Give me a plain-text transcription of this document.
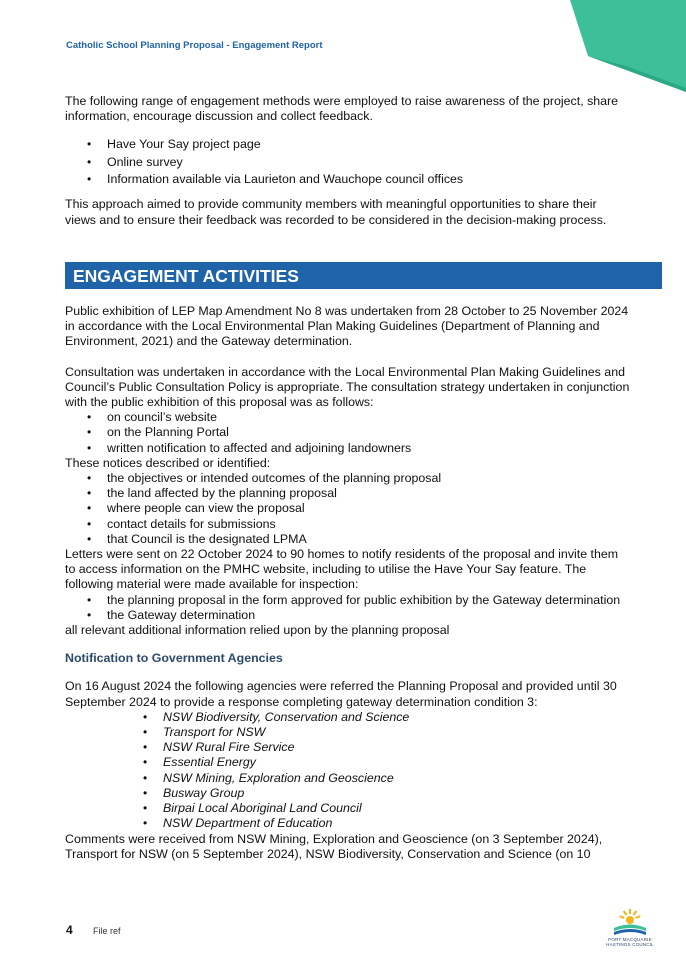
Catholic School Planning Proposal - Engagement Report

The following range of engagement methods were employed to raise awareness of the project, share information, encourage discussion and collect feedback.

• Have Your Say project page
• Online survey
• Information available via Laurieton and Wauchope council offices

This approach aimed to provide community members with meaningful opportunities to share their views and to ensure their feedback was recorded to be considered in the decision-making process.

ENGAGEMENT ACTIVITIES

Public exhibition of LEP Map Amendment No 8 was undertaken from 28 October to 25 November 2024 in accordance with the Local Environmental Plan Making Guidelines (Department of Planning and Environment, 2021) and the Gateway determination.

Consultation was undertaken in accordance with the Local Environmental Plan Making Guidelines and Council’s Public Consultation Policy is appropriate. The consultation strategy undertaken in conjunction with the public exhibition of this proposal was as follows:

• on council’s website
• on the Planning Portal
• written notification to affected and adjoining landowners

These notices described or identified:

• the objectives or intended outcomes of the planning proposal
• the land affected by the planning proposal
• where people can view the proposal
• contact details for submissions
• that Council is the designated LPMA

Letters were sent on 22 October 2024 to 90 homes to notify residents of the proposal and invite them to access information on the PMHC website, including to utilise the Have Your Say feature. The following material were made available for inspection:

• the planning proposal in the form approved for public exhibition by the Gateway determination
• the Gateway determination

all relevant additional information relied upon by the planning proposal

Notification to Government Agencies

On 16 August 2024 the following agencies were referred the Planning Proposal and provided until 30 September 2024 to provide a response completing gateway determination condition 3:

• NSW Biodiversity, Conservation and Science
• Transport for NSW
• NSW Rural Fire Service
• Essential Energy
• NSW Mining, Exploration and Geoscience
• Busway Group
• Birpai Local Aboriginal Land Council
• NSW Department of Education

Comments were received from NSW Mining, Exploration and Geoscience (on 3 September 2024), Transport for NSW (on 5 September 2024), NSW Biodiversity, Conservation and Science (on 10

4 File ref
PORT MACQUARIE
HASTINGS COUNCIL
